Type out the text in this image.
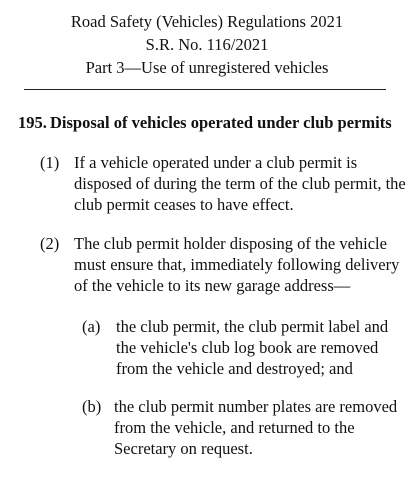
Road Safety (Vehicles) Regulations 2021
S.R. No. 116/2021
Part 3—Use of unregistered vehicles
195. Disposal of vehicles operated under club permits
(1) If a vehicle operated under a club permit is
disposed of during the term of the club permit, the
club permit ceases to have effect.
(2) The club permit holder disposing of the vehicle
must ensure that, immediately following delivery
of the vehicle to its new garage address—
(a) the club permit, the club permit label and
the vehicle's club log book are removed
from the vehicle and destroyed; and
(b) the club permit number plates are removed
from the vehicle, and returned to the
Secretary on request.
